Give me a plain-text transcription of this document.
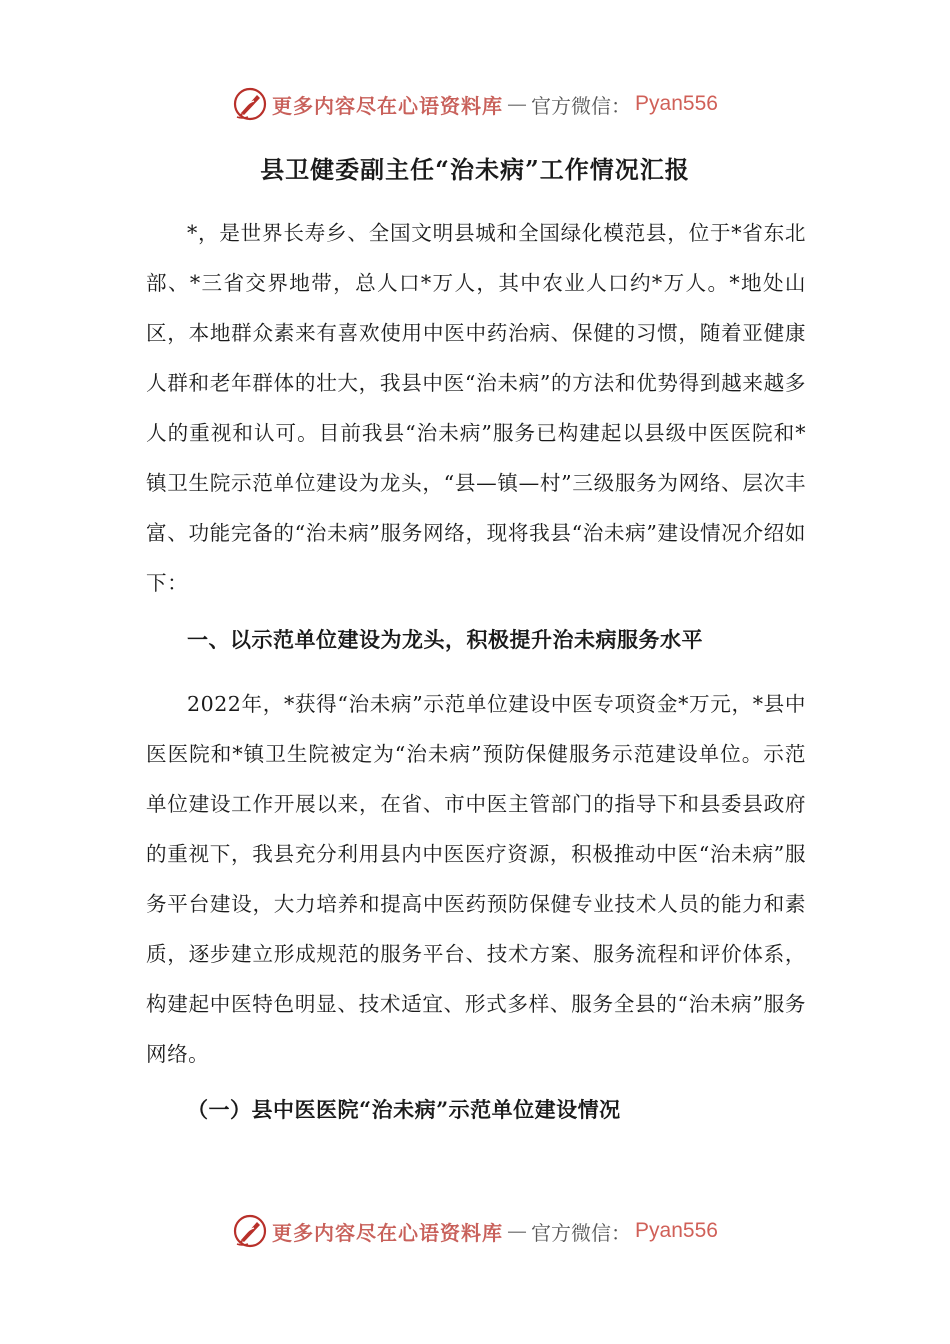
更多内容尽在心语资料库 — 官方微信： Pyan556
县卫健委副主任“治未病”工作情况汇报

*，是世界长寿乡、全国文明县城和全国绿化模范县，位于*省东北部、*三省交界地带，总人口*万人，其中农业人口约*万人。*地处山区，本地群众素来有喜欢使用中医中药治病、保健的习惯，随着亚健康人群和老年群体的壮大，我县中医“治未病”的方法和优势得到越来越多人的重视和认可。目前我县“治未病”服务已构建起以县级中医医院和*镇卫生院示范单位建设为龙头，“县—镇—村”三级服务为网络、层次丰富、功能完备的“治未病”服务网络，现将我县“治未病”建设情况介绍如下：

一、以示范单位建设为龙头，积极提升治未病服务水平

2022年，*获得“治未病”示范单位建设中医专项资金*万元，*县中医医院和*镇卫生院被定为“治未病”预防保健服务示范建设单位。示范单位建设工作开展以来，在省、市中医主管部门的指导下和县委县政府的重视下，我县充分利用县内中医医疗资源，积极推动中医“治未病”服务平台建设，大力培养和提高中医药预防保健专业技术人员的能力和素质，逐步建立形成规范的服务平台、技术方案、服务流程和评价体系，构建起中医特色明显、技术适宜、形式多样、服务全县的“治未病”服务网络。

（一）县中医医院“治未病”示范单位建设情况
更多内容尽在心语资料库 — 官方微信： Pyan556
